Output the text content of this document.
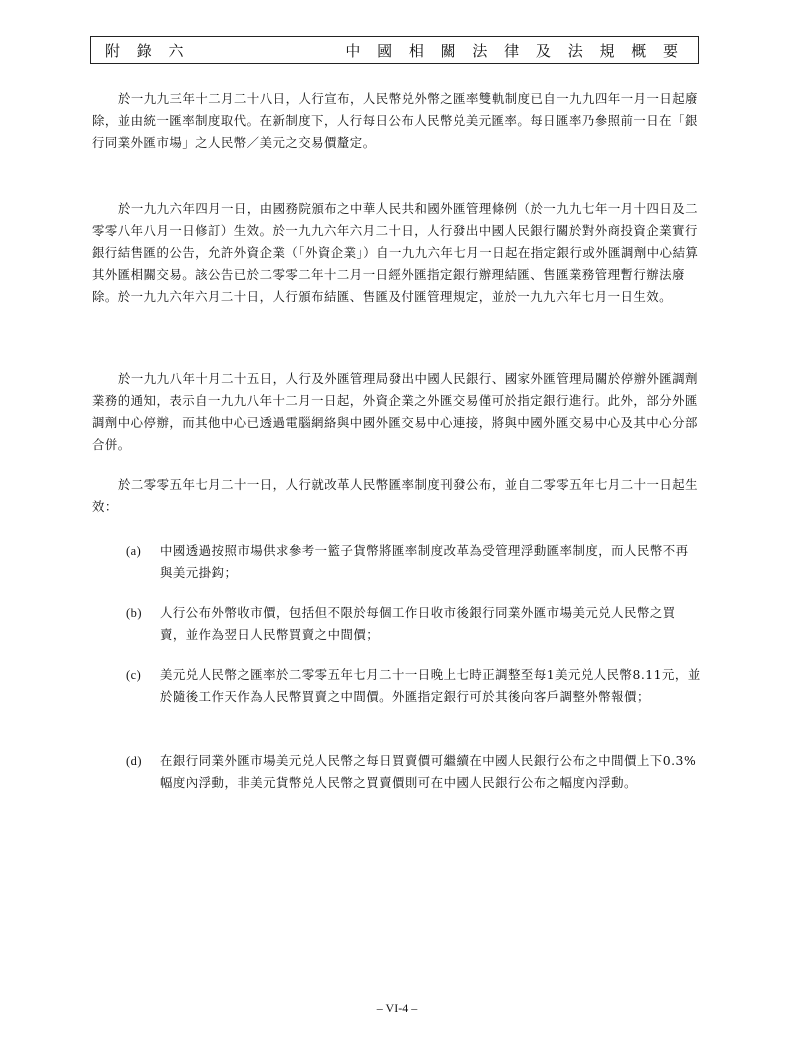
附 錄 六	中 國 相 關 法 律 及 法 規 概 要

於一九九三年十二月二十八日，人行宣布，人民幣兑外幣之匯率雙軌制度已自一九九四年一月一日起廢除，並由統一匯率制度取代。在新制度下，人行每日公布人民幣兑美元匯率。每日匯率乃參照前一日在「銀行同業外匯市場」之人民幣／美元之交易價釐定。

於一九九六年四月一日，由國務院頒布之中華人民共和國外匯管理條例（於一九九七年一月十四日及二零零八年八月一日修訂）生效。於一九九六年六月二十日，人行發出中國人民銀行關於對外商投資企業實行銀行結售匯的公告，允許外資企業（「外資企業」）自一九九六年七月一日起在指定銀行或外匯調劑中心結算其外匯相關交易。該公告已於二零零二年十二月一日經外匯指定銀行辦理結匯、售匯業務管理暫行辦法廢除。於一九九六年六月二十日，人行頒布結匯、售匯及付匯管理規定，並於一九九六年七月一日生效。

於一九九八年十月二十五日，人行及外匯管理局發出中國人民銀行、國家外匯管理局關於停辦外匯調劑業務的通知，表示自一九九八年十二月一日起，外資企業之外匯交易僅可於指定銀行進行。此外，部分外匯調劑中心停辦，而其他中心已透過電腦網絡與中國外匯交易中心連接，將與中國外匯交易中心及其中心分部合併。

於二零零五年七月二十一日，人行就改革人民幣匯率制度刊發公布，並自二零零五年七月二十一日起生效：

(a)	中國透過按照市場供求參考一籃子貨幣將匯率制度改革為受管理浮動匯率制度，而人民幣不再與美元掛鈎；

(b)	人行公布外幣收市價，包括但不限於每個工作日收市後銀行同業外匯市場美元兑人民幣之買賣，並作為翌日人民幣買賣之中間價；

(c)	美元兑人民幣之匯率於二零零五年七月二十一日晚上七時正調整至每1美元兑人民幣8.11元，並於隨後工作天作為人民幣買賣之中間價。外匯指定銀行可於其後向客戶調整外幣報價；

(d)	在銀行同業外匯市場美元兑人民幣之每日買賣價可繼續在中國人民銀行公布之中間價上下0.3%幅度內浮動，非美元貨幣兑人民幣之買賣價則可在中國人民銀行公布之幅度內浮動。

– VI-4 –
